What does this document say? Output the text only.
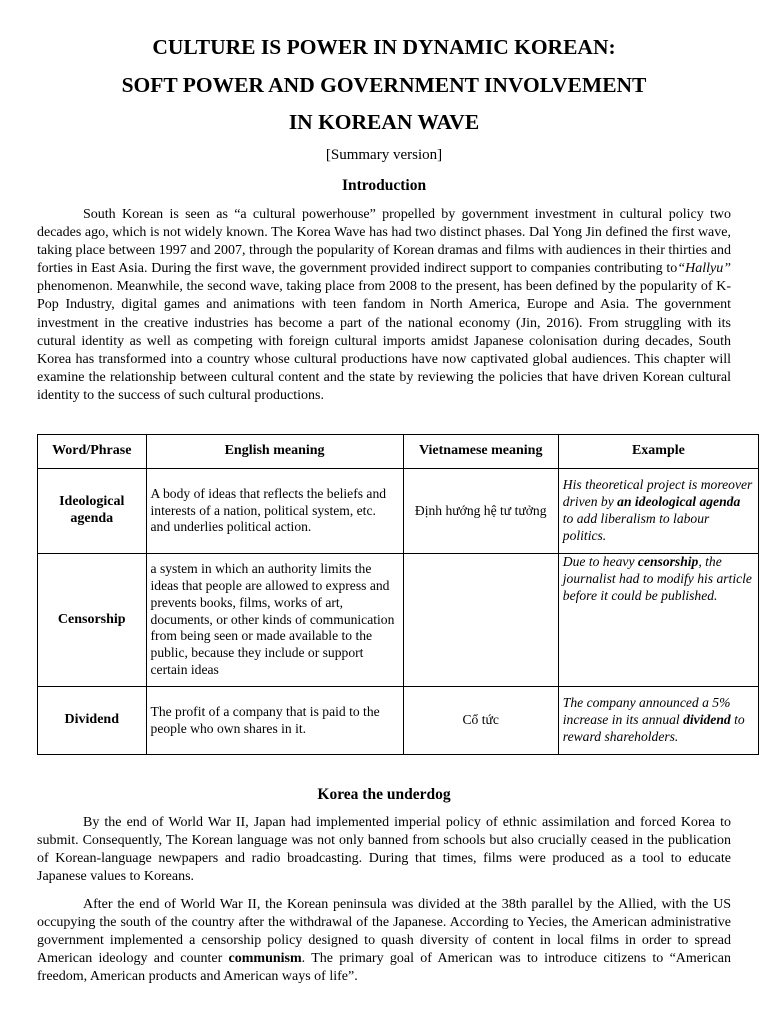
CULTURE IS POWER IN DYNAMIC KOREAN:
SOFT POWER AND GOVERNMENT INVOLVEMENT
IN KOREAN WAVE
[Summary version]
Introduction

South Korean is seen as “a cultural powerhouse” propelled by government investment in cultural policy two decades ago, which is not widely known. The Korea Wave has had two distinct phases. Dal Yong Jin defined the first wave, taking place between 1997 and 2007, through the popularity of Korean dramas and films with audiences in their thirties and forties in East Asia. During the first wave, the government provided indirect support to companies contributing to“Hallyu” phenomenon. Meanwhile, the second wave, taking place from 2008 to the present, has been defined by the popularity of K-Pop Industry, digital games and animations with teen fandom in North America, Europe and Asia. The government investment in the creative industries has become a part of the national economy (Jin, 2016). From struggling with its cutural identity as well as competing with foreign cultural imports amidst Japanese colonisation during decades, South Korea has transformed into a country whose cultural productions have now captivated global audiences. This chapter will examine the relationship between cultural content and the state by reviewing the policies that have driven Korean cultural identity to the success of such cultural productions.

Word/Phrase	English meaning	Vietnamese meaning	Example
Ideological agenda	A body of ideas that reflects the beliefs and interests of a nation, political system, etc. and underlies political action.	Định hướng hệ tư tưởng	His theoretical project is moreover driven by an ideological agenda to add liberalism to labour politics.
Censorship	a system in which an authority limits the ideas that people are allowed to express and prevents books, films, works of art, documents, or other kinds of communication from being seen or made available to the public, because they include or support certain ideas		Due to heavy censorship, the journalist had to modify his article before it could be published.
Dividend	The profit of a company that is paid to the people who own shares in it.	Cổ tức	The company announced a 5% increase in its annual dividend to reward shareholders.
Korea the underdog

By the end of World War II, Japan had implemented imperial policy of ethnic assimilation and forced Korea to submit. Consequently, The Korean language was not only banned from schools but also crucially ceased in the publication of Korean-language newpapers and radio broadcasting. During that times, films were produced as a tool to educate Japanese values to Koreans.

After the end of World War II, the Korean peninsula was divided at the 38th parallel by the Allied, with the US occupying the south of the country after the withdrawal of the Japanese. According to Yecies, the American administrative government implemented a censorship policy designed to quash diversity of content in local films in order to spread American ideology and counter communism. The primary goal of American was to introduce citizens to “American freedom, American products and American ways of life”.
